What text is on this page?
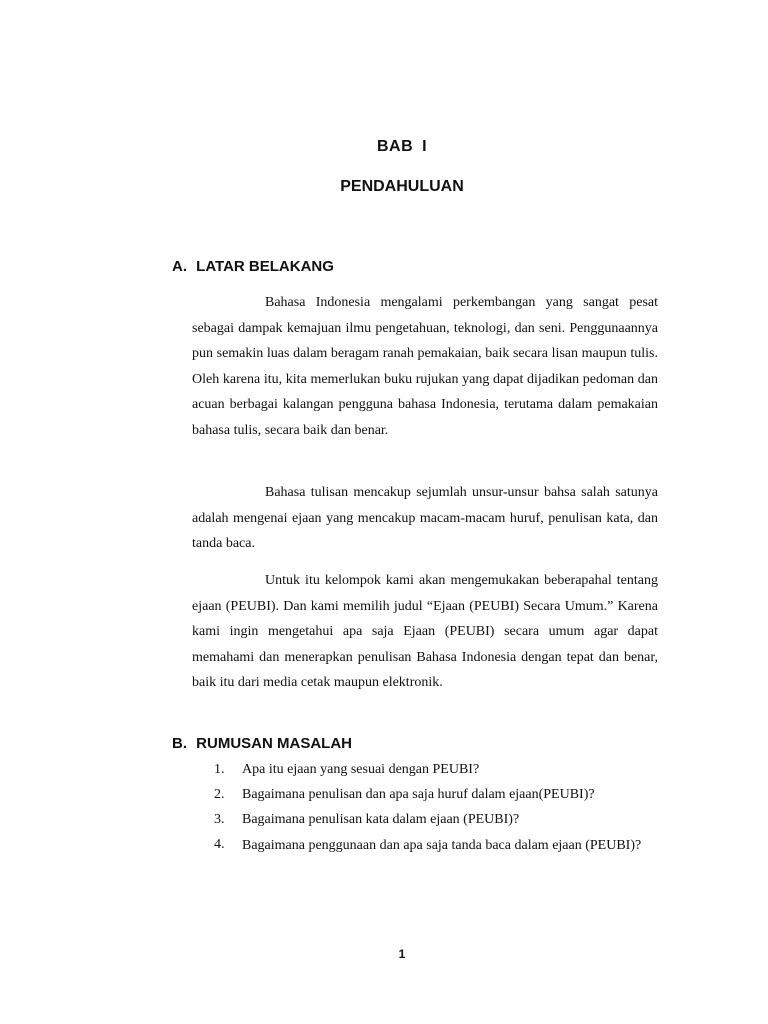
BAB I
PENDAHULUAN
A. LATAR BELAKANG

Bahasa Indonesia mengalami perkembangan yang sangat pesat sebagai dampak kemajuan ilmu pengetahuan, teknologi, dan seni. Penggunaannya pun semakin luas dalam beragam ranah pemakaian, baik secara lisan maupun tulis. Oleh karena itu, kita memerlukan buku rujukan yang dapat dijadikan pedoman dan acuan berbagai kalangan pengguna bahasa Indonesia, terutama dalam pemakaian bahasa tulis, secara baik dan benar.

Bahasa tulisan mencakup sejumlah unsur-unsur bahsa salah satunya adalah mengenai ejaan yang mencakup macam-macam huruf, penulisan kata, dan tanda baca.

Untuk itu kelompok kami akan mengemukakan beberapahal tentang ejaan (PEUBI). Dan kami memilih judul “Ejaan (PEUBI) Secara Umum.” Karena kami ingin mengetahui apa saja Ejaan (PEUBI) secara umum agar dapat memahami dan menerapkan penulisan Bahasa Indonesia dengan tepat dan benar, baik itu dari media cetak maupun elektronik.

B. RUMUSAN MASALAH
1.	Apa itu ejaan yang sesuai dengan PEUBI?
2.	Bagaimana penulisan dan apa saja huruf dalam ejaan(PEUBI)?
3.	Bagaimana penulisan kata dalam ejaan (PEUBI)?
4.	Bagaimana penggunaan dan apa saja tanda baca dalam ejaan (PEUBI)?
1
